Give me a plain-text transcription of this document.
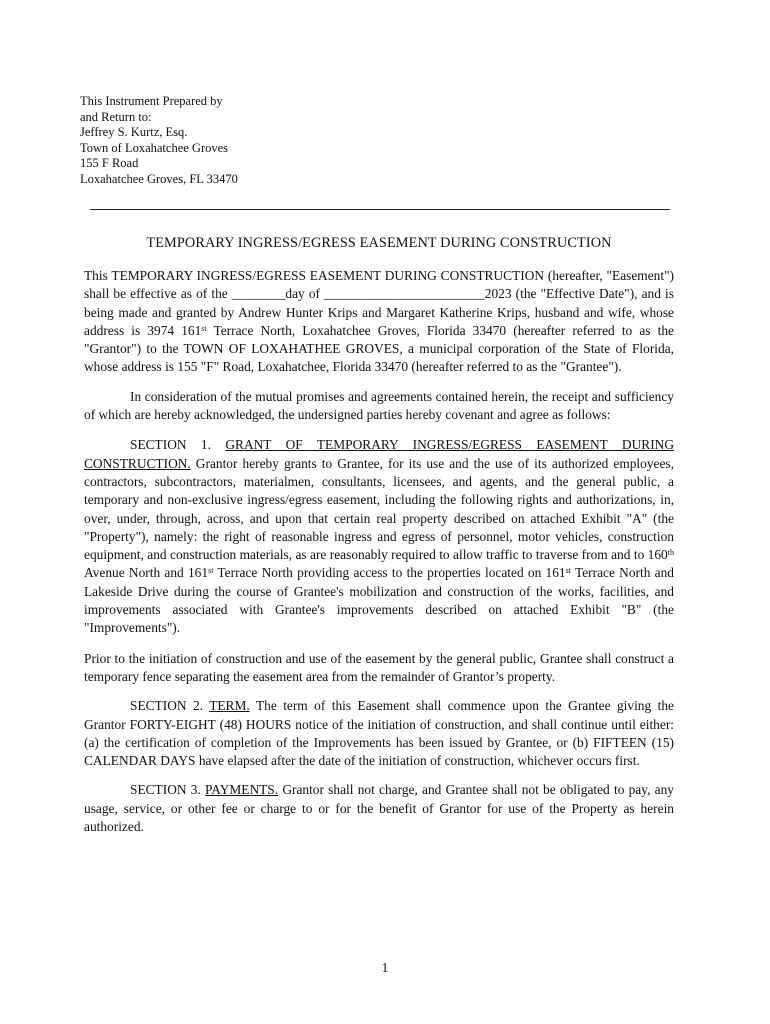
This Instrument Prepared by
and Return to:
Jeffrey S. Kurtz, Esq.
Town of Loxahatchee Groves
155 F Road
Loxahatchee Groves, FL 33470
TEMPORARY INGRESS/EGRESS EASEMENT DURING CONSTRUCTION

This TEMPORARY INGRESS/EGRESS EASEMENT DURING CONSTRUCTION (hereafter, "Easement") shall be effective as of the ________day of ________________________2023 (the "Effective Date"), and is being made and granted by Andrew Hunter Krips and Margaret Katherine Krips, husband and wife, whose address is 3974 161st Terrace North, Loxahatchee Groves, Florida 33470 (hereafter referred to as the "Grantor") to the TOWN OF LOXAHATHEE GROVES, a municipal corporation of the State of Florida, whose address is 155 "F" Road, Loxahatchee, Florida 33470 (hereafter referred to as the "Grantee").

In consideration of the mutual promises and agreements contained herein, the receipt and sufficiency of which are hereby acknowledged, the undersigned parties hereby covenant and agree as follows:

SECTION 1. GRANT OF TEMPORARY INGRESS/EGRESS EASEMENT DURING CONSTRUCTION. Grantor hereby grants to Grantee, for its use and the use of its authorized employees, contractors, subcontractors, materialmen, consultants, licensees, and agents, and the general public, a temporary and non-exclusive ingress/egress easement, including the following rights and authorizations, in, over, under, through, across, and upon that certain real property described on attached Exhibit "A" (the "Property"), namely: the right of reasonable ingress and egress of personnel, motor vehicles, construction equipment, and construction materials, as are reasonably required to allow traffic to traverse from and to 160th Avenue North and 161st Terrace North providing access to the properties located on 161st Terrace North and Lakeside Drive during the course of Grantee's mobilization and construction of the works, facilities, and improvements associated with Grantee's improvements described on attached Exhibit "B" (the "Improvements").

Prior to the initiation of construction and use of the easement by the general public, Grantee shall construct a temporary fence separating the easement area from the remainder of Grantor’s property.

SECTION 2. TERM. The term of this Easement shall commence upon the Grantee giving the Grantor FORTY-EIGHT (48) HOURS notice of the initiation of construction, and shall continue until either: (a) the certification of completion of the Improvements has been issued by Grantee, or (b) FIFTEEN (15) CALENDAR DAYS have elapsed after the date of the initiation of construction, whichever occurs first.

SECTION 3. PAYMENTS. Grantor shall not charge, and Grantee shall not be obligated to pay, any usage, service, or other fee or charge to or for the benefit of Grantor for use of the Property as herein authorized.

1
